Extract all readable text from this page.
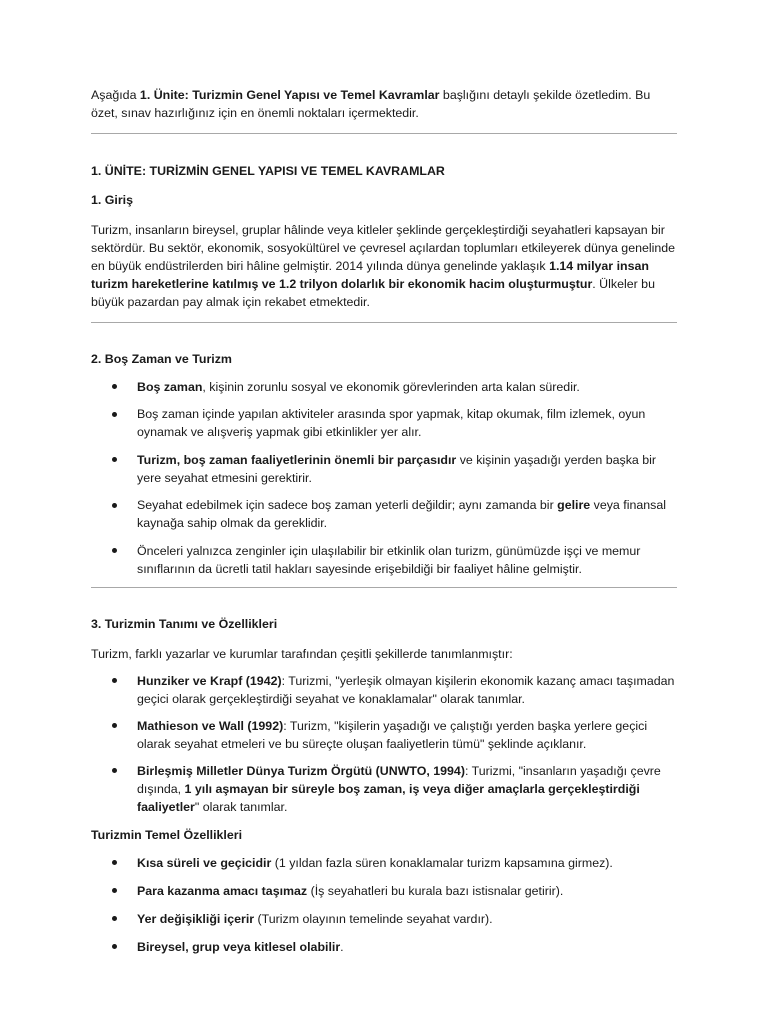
Aşağıda 1. Ünite: Turizmin Genel Yapısı ve Temel Kavramlar başlığını detaylı şekilde özetledim. Bu özet, sınav hazırlığınız için en önemli noktaları içermektedir.

1. ÜNİTE: TURİZMİN GENEL YAPISI VE TEMEL KAVRAMLAR

1. Giriş

Turizm, insanların bireysel, gruplar hâlinde veya kitleler şeklinde gerçekleştirdiği seyahatleri kapsayan bir sektördür. Bu sektör, ekonomik, sosyokültürel ve çevresel açılardan toplumları etkileyerek dünya genelinde en büyük endüstrilerden biri hâline gelmiştir. 2014 yılında dünya genelinde yaklaşık 1.14 milyar insan turizm hareketlerine katılmış ve 1.2 trilyon dolarlık bir ekonomik hacim oluşturmuştur. Ülkeler bu büyük pazardan pay almak için rekabet etmektedir.

2. Boş Zaman ve Turizm

Boş zaman, kişinin zorunlu sosyal ve ekonomik görevlerinden arta kalan süredir.
Boş zaman içinde yapılan aktiviteler arasında spor yapmak, kitap okumak, film izlemek, oyun oynamak ve alışveriş yapmak gibi etkinlikler yer alır.
Turizm, boş zaman faaliyetlerinin önemli bir parçasıdır ve kişinin yaşadığı yerden başka bir yere seyahat etmesini gerektirir.
Seyahat edebilmek için sadece boş zaman yeterli değildir; aynı zamanda bir gelire veya finansal kaynağa sahip olmak da gereklidir.
Önceleri yalnızca zenginler için ulaşılabilir bir etkinlik olan turizm, günümüzde işçi ve memur sınıflarının da ücretli tatil hakları sayesinde erişebildiği bir faaliyet hâline gelmiştir.

3. Turizmin Tanımı ve Özellikleri

Turizm, farklı yazarlar ve kurumlar tarafından çeşitli şekillerde tanımlanmıştır:

Hunziker ve Krapf (1942): Turizmi, "yerleşik olmayan kişilerin ekonomik kazanç amacı taşımadan geçici olarak gerçekleştirdiği seyahat ve konaklamalar" olarak tanımlar.
Mathieson ve Wall (1992): Turizm, "kişilerin yaşadığı ve çalıştığı yerden başka yerlere geçici olarak seyahat etmeleri ve bu süreçte oluşan faaliyetlerin tümü" şeklinde açıklanır.
Birleşmiş Milletler Dünya Turizm Örgütü (UNWTO, 1994): Turizmi, "insanların yaşadığı çevre dışında, 1 yılı aşmayan bir süreyle boş zaman, iş veya diğer amaçlarla gerçekleştirdiği faaliyetler" olarak tanımlar.

Turizmin Temel Özellikleri

Kısa süreli ve geçicidir (1 yıldan fazla süren konaklamalar turizm kapsamına girmez).
Para kazanma amacı taşımaz (İş seyahatleri bu kurala bazı istisnalar getirir).
Yer değişikliği içerir (Turizm olayının temelinde seyahat vardır).
Bireysel, grup veya kitlesel olabilir.
